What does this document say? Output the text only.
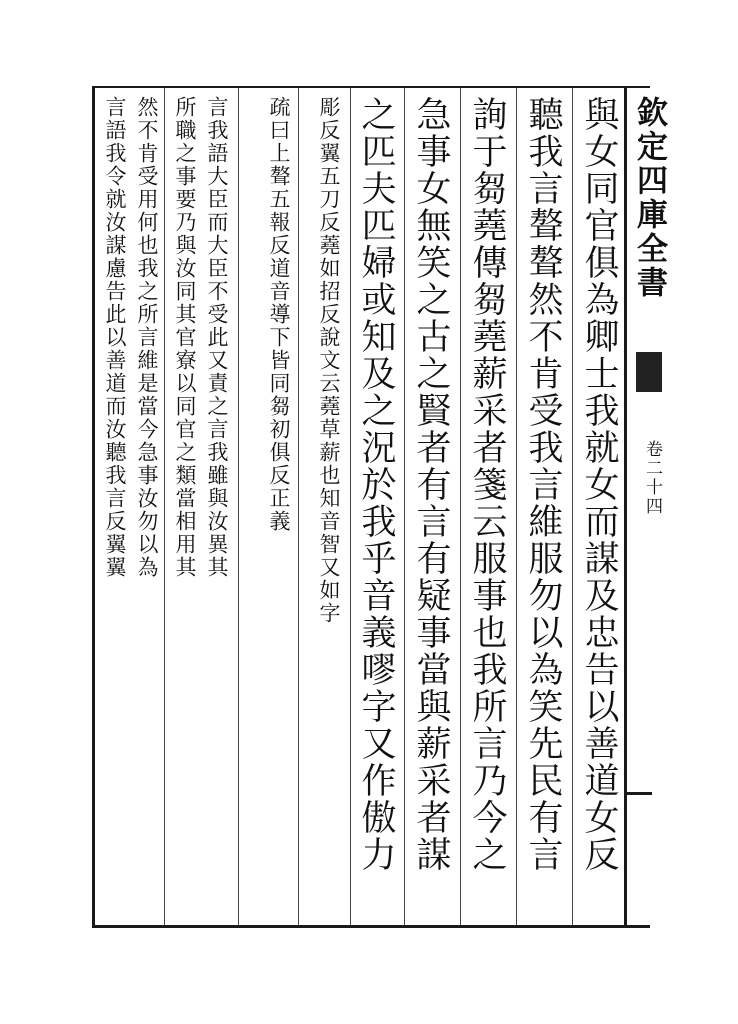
欽定四庫全書
卷二十四
與女同官俱為卿士我就女而謀及忠告以善道女反
聽我言聱聱然不肯受我言維服勿以為笑先民有言
詢于芻蕘傳芻蕘薪采者箋云服事也我所言乃今之
急事女無笑之古之賢者有言有疑事當與薪采者謀
之匹夫匹婦或知及之況於我乎音義嘐字又作傲力
彫反翼五刀反蕘如招反說文云蕘草薪也知音智又如字
疏曰上聱五報反道音導下皆同芻初俱反正義
所職之事要乃與汝同其官寮以同官之類當相用其 言我語大臣而大臣不受此又責之言我雖與汝異其
然不肯受用何也我之所言維是當今急事汝勿以為
言語我令就汝謀慮告此以善道而汝聽我言反翼翼
